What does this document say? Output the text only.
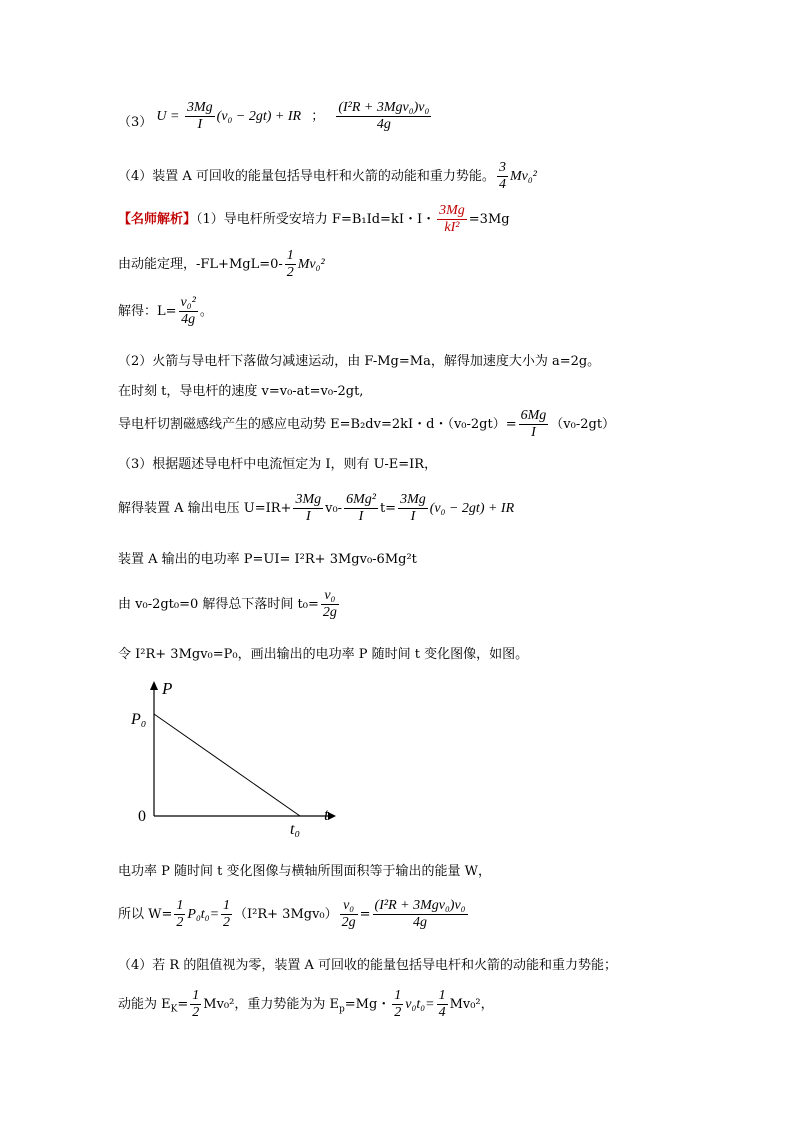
（3） $U = \frac{3Mg}{I} (v_0 - 2gt)$ + IR ； $\frac{\text{(I²R + 3Mgv₀)v₀}}{4g}$
（4）装置 A 可回收的能量包括导电杆和火箭的动能和重力势能。 $\frac{3}{4} Mv_0^2$
【名师解析】（1）导电杆所受安培力 F=B₁Id=kI・I・ $\frac{3Mg}{\text{kI²}} =3Mg$
由动能定理，$-FL+MgL=0- \frac{1}{2} Mv_0^2$
解得：$L= \frac{\text{v₀²}}{4g}$ 。
（2）火箭与导电杆下落做匀减速运动，由 F-Mg=Ma，解得加速度大小为 a=2g。
在时刻 t，导电杆的速度 v=v₀-at=v₀-2gt,
导电杆切割磁感线产生的感应电动势 E=B₂dv=2kI・d・$(v_0-2gt)= \frac{6Mg}{I} (v_0-2gt)$
（3）根据题述导电杆中电流恒定为 I，则有 U-E=IR，
解得装置 A 输出电压 $U=IR+ \frac{3Mg}{I} v_0- \frac{\text{6Mg²}}{I} t= \frac{3Mg}{I} (v_0 - 2gt)$ + IR
装置 A 输出的电功率 P=UI= I²R+ 3Mgv₀-6Mg²t
由 v₀-2gt₀=0 解得总下落时间 $t_0= \frac{\text{v₀}}{2g}$
令 I²R+ 3Mgv₀=P₀，画出输出的电功率 P 随时间 t 变化图像，如图。
P
t
0
P₀
t₀
电功率 P 随时间 t 变化图像与横轴所围面积等于输出的能量 W，
所以 $W= \frac{1}{2} P_0t_0= \frac{1}{2} (I^2R+ 3Mgv_0) \frac{\text{v₀}}{2g} = \frac{\text{(I²R + 3Mgv₀)v₀}}{4g}$
（4）若 R 的阻值视为零，装置 A 可回收的能量包括导电杆和火箭的动能和重力势能；
动能为 $E_K= \frac{1}{2} Mv_0^2$，重力势能为为 $E_p=Mg$・ $\frac{1}{2} v_0t_0= \frac{1}{4} Mv_0^2$，
